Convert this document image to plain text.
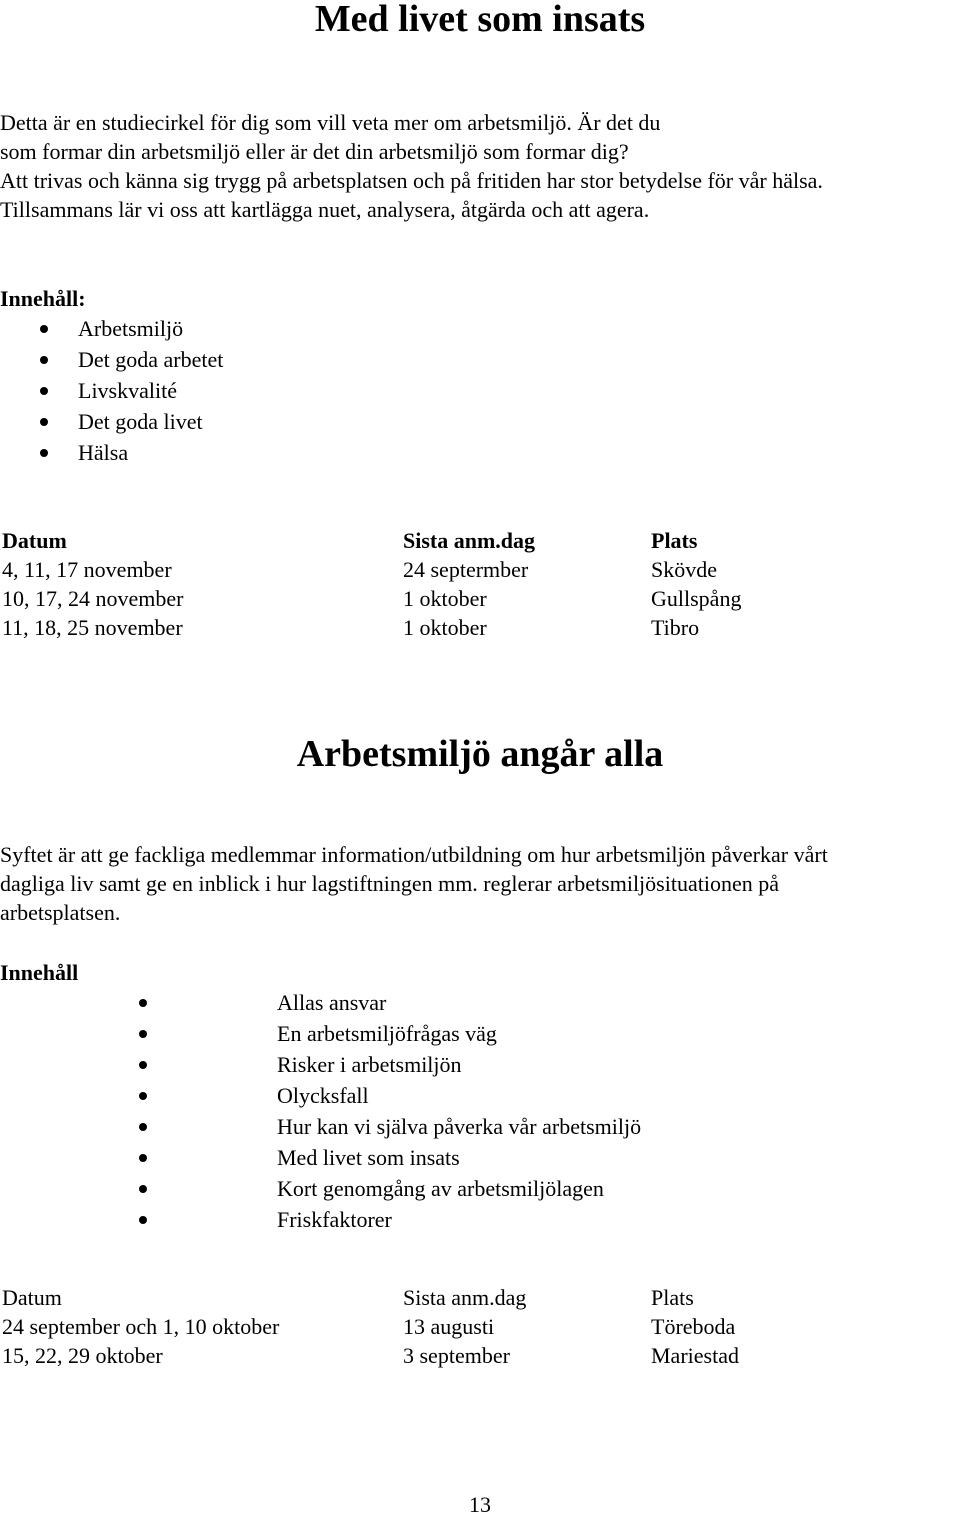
Med livet som insats
Detta är en studiecirkel för dig som vill veta mer om arbetsmiljö. Är det du
som formar din arbetsmiljö eller är det din arbetsmiljö som formar dig?
Att trivas och känna sig trygg på arbetsplatsen och på fritiden har stor betydelse för vår hälsa.
Tillsammans lär vi oss att kartlägga nuet, analysera, åtgärda och att agera.
Innehåll:
Arbetsmiljö
Det goda arbetet
Livskvalité
Det goda livet
Hälsa
Datum	Sista anm.dag	Plats
4, 11, 17 november	24 septermber	Skövde
10, 17, 24 november	1 oktober	Gullspång
11, 18, 25 november	1 oktober	Tibro
Arbetsmiljö angår alla
Syftet är att ge fackliga medlemmar information/utbildning om hur arbetsmiljön påverkar vårt
dagliga liv samt ge en inblick i hur lagstiftningen mm. reglerar arbetsmiljösituationen på
arbetsplatsen.
Innehåll
Allas ansvar
En arbetsmiljöfrågas väg
Risker i arbetsmiljön
Olycksfall
Hur kan vi själva påverka vår arbetsmiljö
Med livet som insats
Kort genomgång av arbetsmiljölagen
Friskfaktorer
Datum	Sista anm.dag	Plats
24 september och 1, 10 oktober	13 augusti	Töreboda
15, 22, 29 oktober	3 september	Mariestad
13
